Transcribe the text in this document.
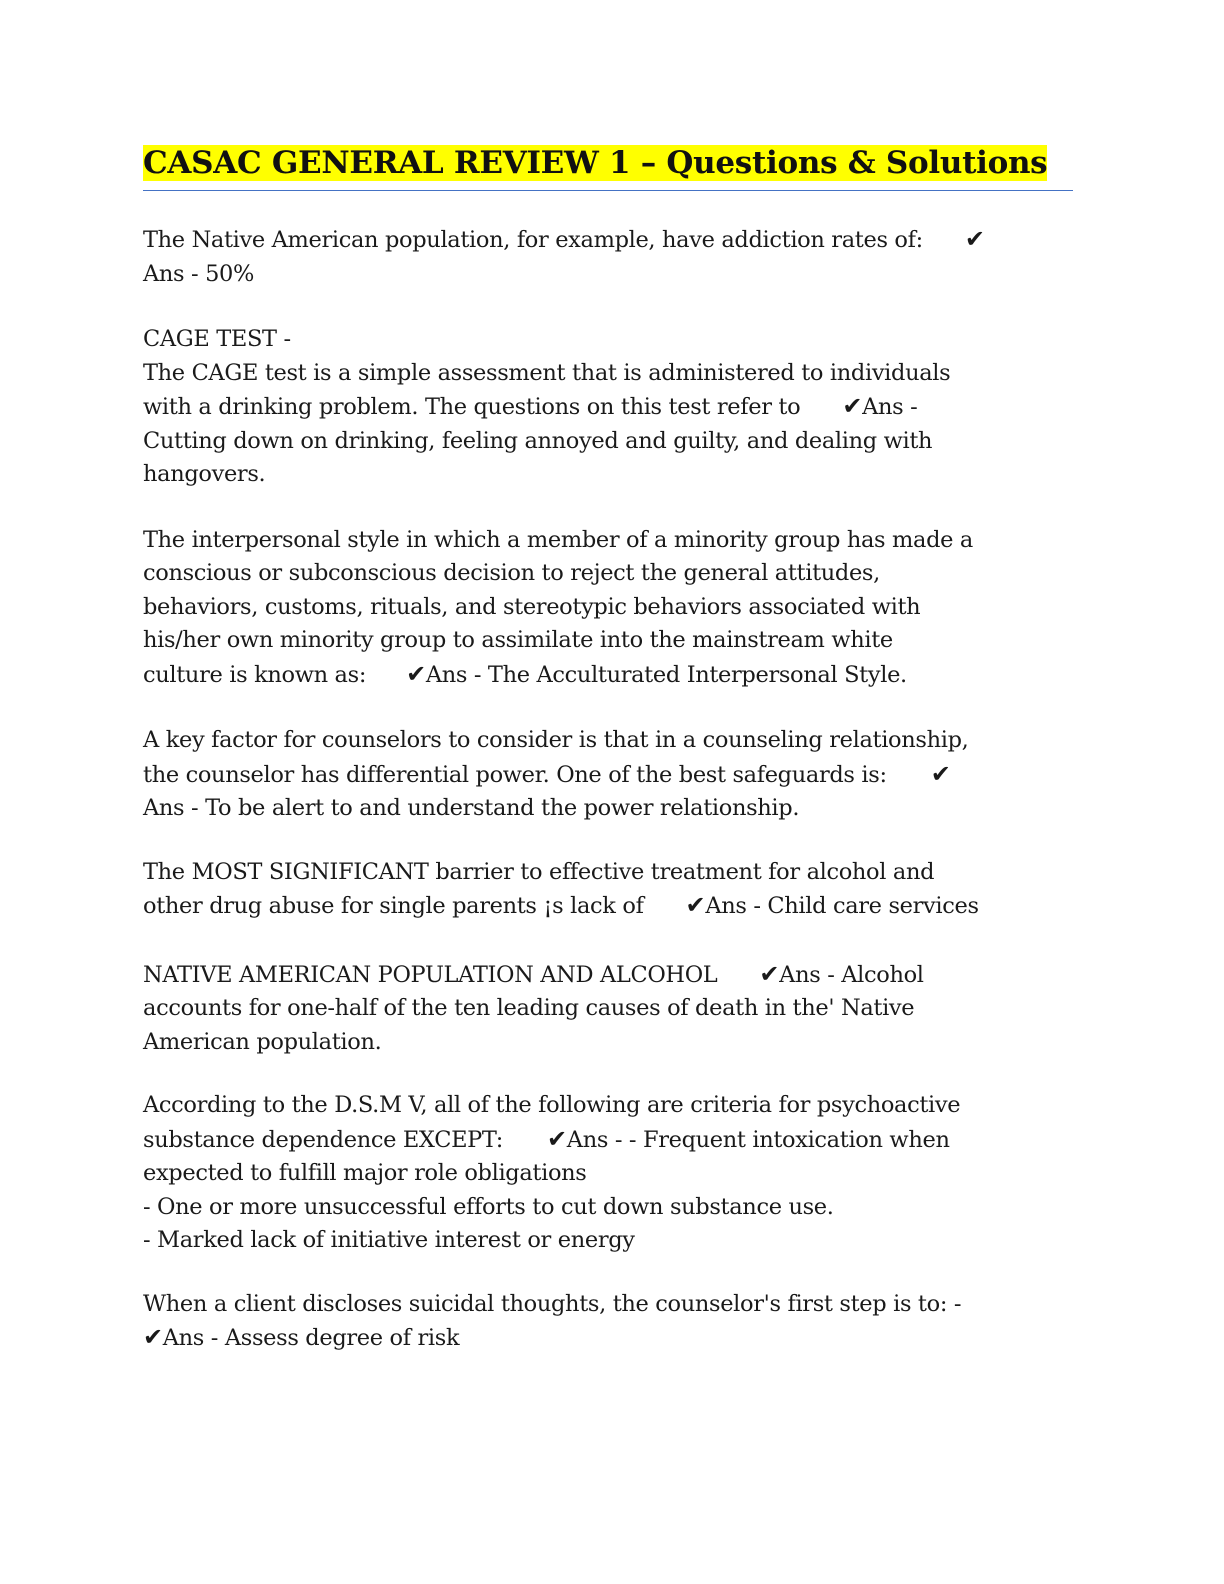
CASAC GENERAL REVIEW 1 – Questions & Solutions
The Native American population, for example, have addiction rates of: ✔
Ans - 50%
CAGE TEST -
The CAGE test is a simple assessment that is administered to individuals
with a drinking problem. The questions on this test refer to ✔Ans -
Cutting down on drinking, feeling annoyed and guilty, and dealing with
hangovers.
The interpersonal style in which a member of a minority group has made a
conscious or subconscious decision to reject the general attitudes,
behaviors, customs, rituals, and stereotypic behaviors associated with
his/her own minority group to assimilate into the mainstream white
culture is known as: ✔Ans - The Acculturated Interpersonal Style.
A key factor for counselors to consider is that in a counseling relationship,
the counselor has differential power. One of the best safeguards is: ✔
Ans - To be alert to and understand the power relationship.
The MOST SIGNIFICANT barrier to effective treatment for alcohol and
other drug abuse for single parents ¡s lack of ✔Ans - Child care services
NATIVE AMERICAN POPULATION AND ALCOHOL ✔Ans - Alcohol
accounts for one-half of the ten leading causes of death in the' Native
American population.
According to the D.S.M V, all of the following are criteria for psychoactive
substance dependence EXCEPT: ✔Ans - - Frequent intoxication when
expected to fulfill major role obligations
- One or more unsuccessful efforts to cut down substance use.
- Marked lack of initiative interest or energy
When a client discloses suicidal thoughts, the counselor's first step is to: -
✔Ans - Assess degree of risk
